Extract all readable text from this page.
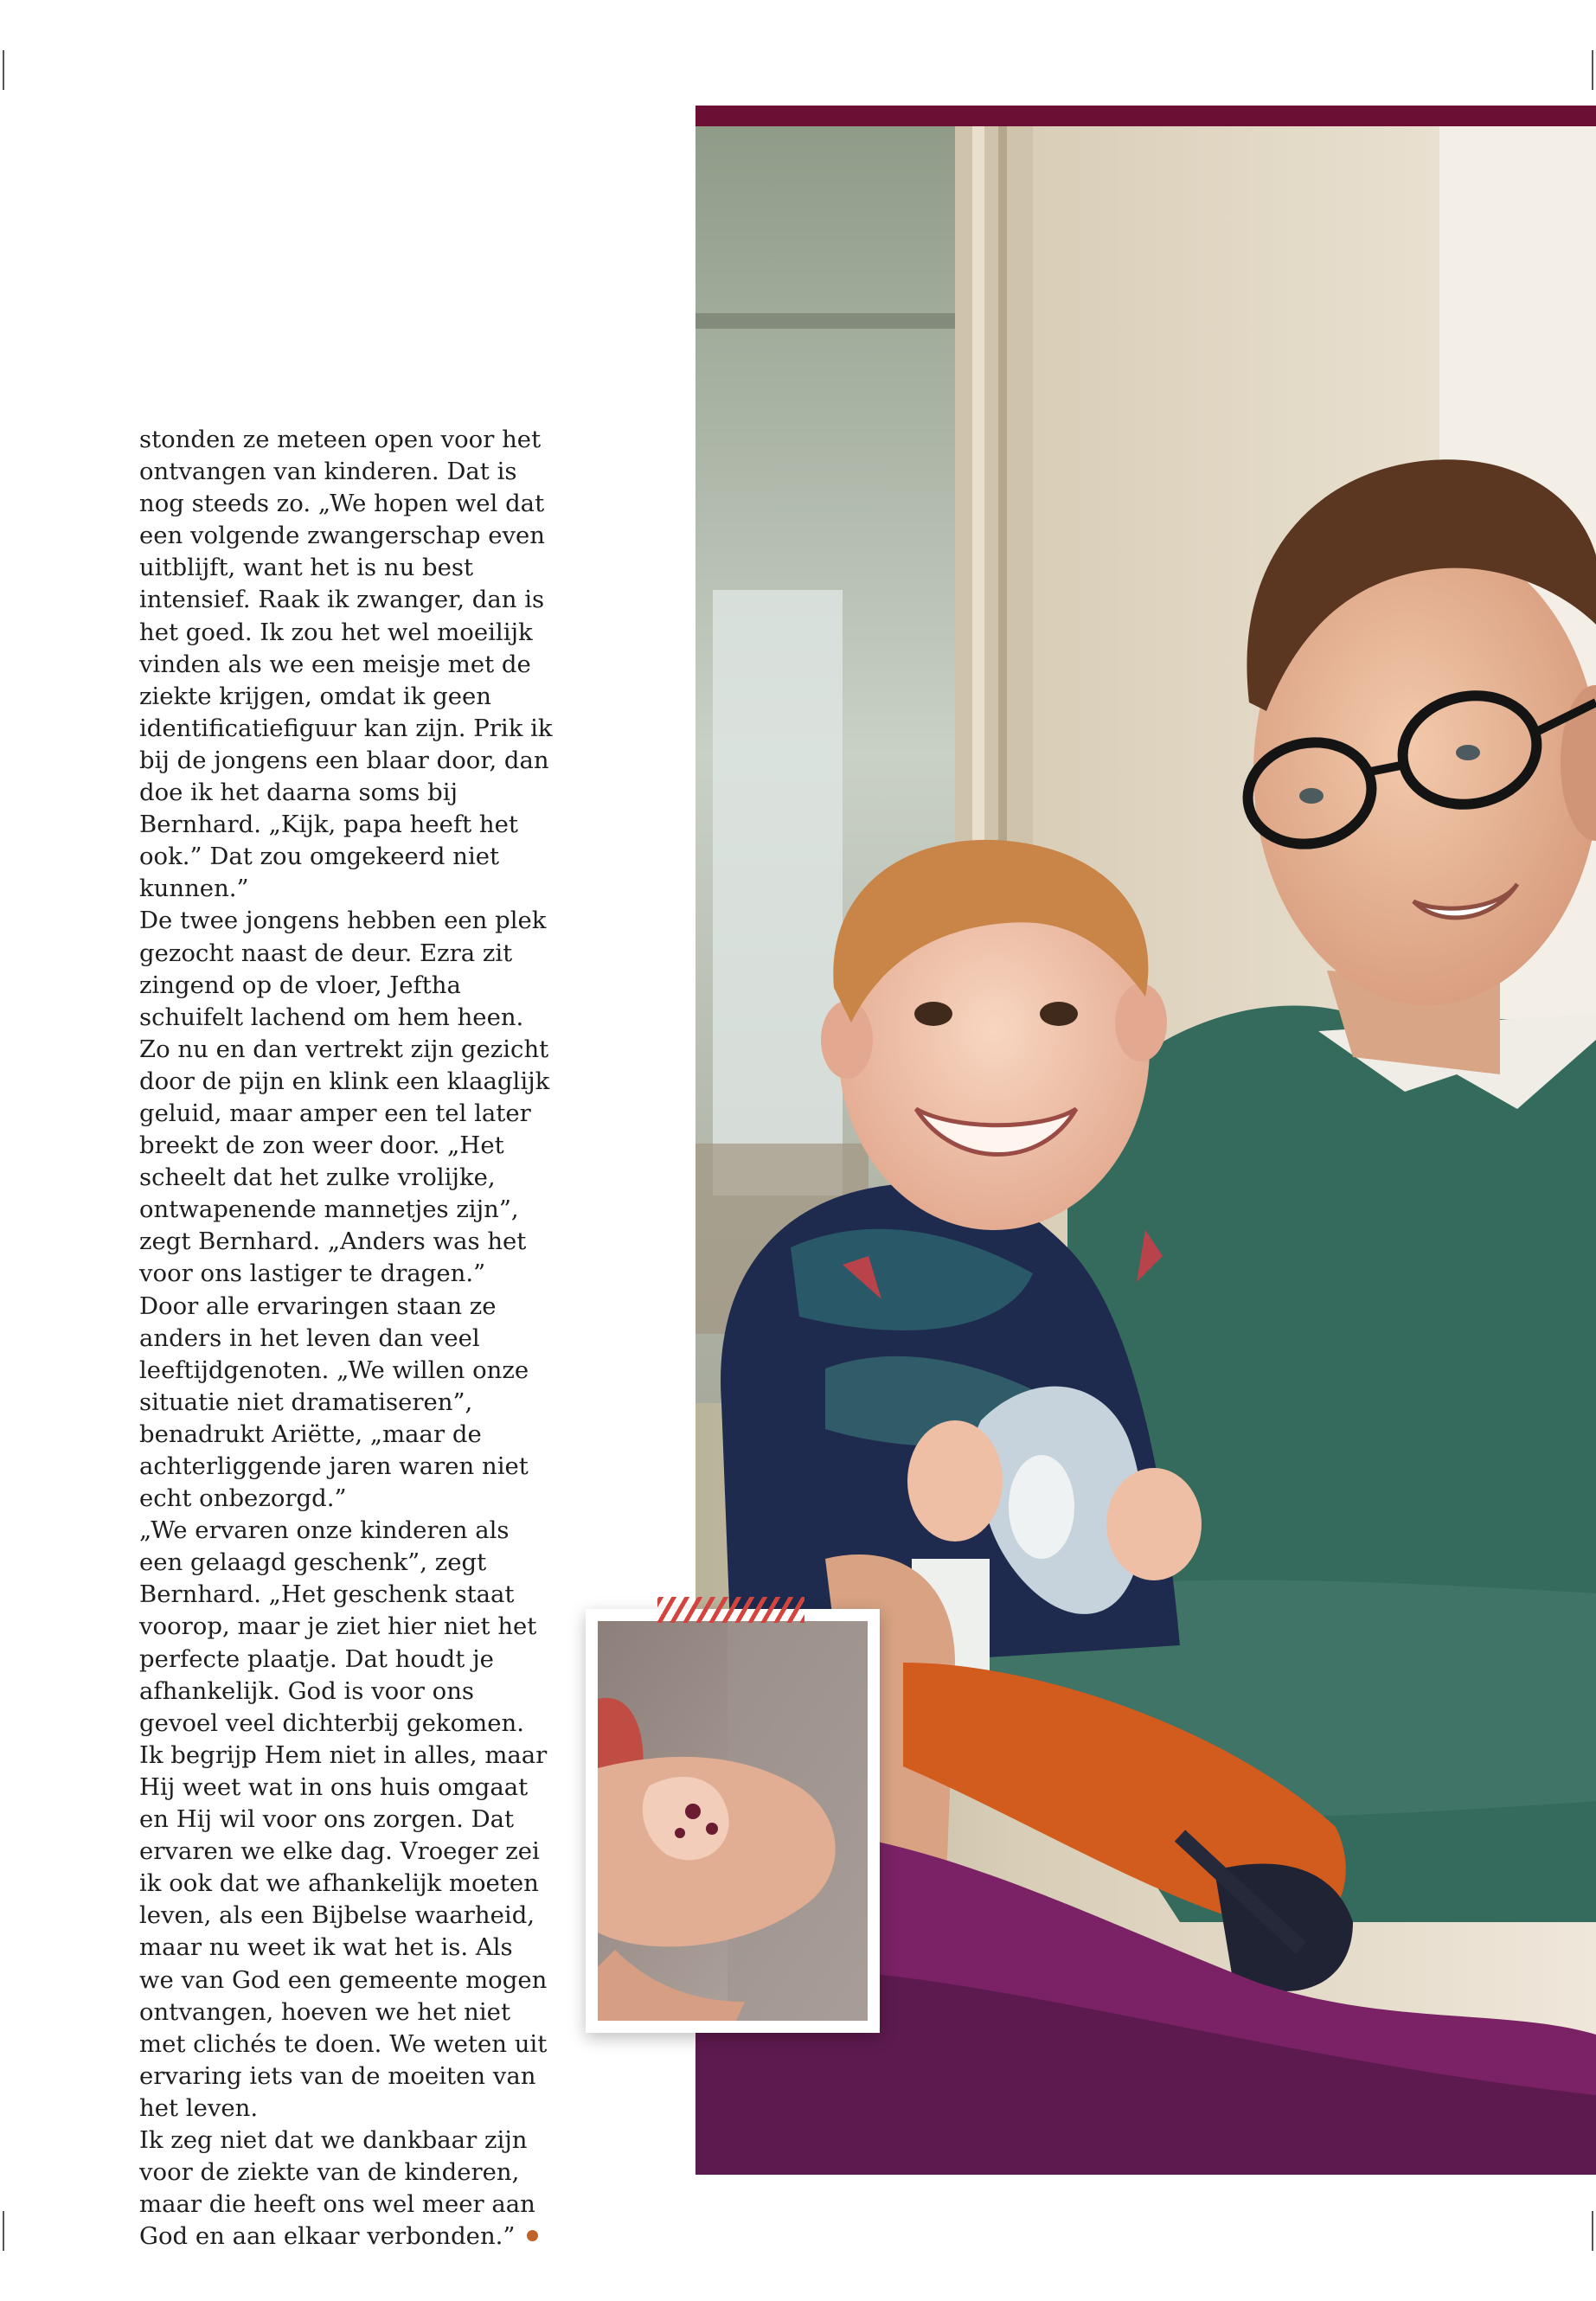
stonden ze meteen open voor het ontvangen van kinderen. Dat is nog steeds zo. „We hopen wel dat een volgende zwangerschap even uitblijft, want het is nu best intensief. Raak ik zwanger, dan is het goed. Ik zou het wel moeilijk vinden als we een meisje met de ziekte krijgen, omdat ik geen identificatiefiguur kan zijn. Prik ik bij de jongens een blaar door, dan doe ik het daarna soms bij Bernhard. „Kijk, papa heeft het ook.” Dat zou omgekeerd niet kunnen.”

De twee jongens hebben een plek gezocht naast de deur. Ezra zit zingend op de vloer, Jeftha schuifelt lachend om hem heen. Zo nu en dan vertrekt zijn gezicht door de pijn en klink een klaaglijk geluid, maar amper een tel later breekt de zon weer door. „Het scheelt dat het zulke vrolijke, ontwapenende mannetjes zijn”, zegt Bernhard. „Anders was het voor ons lastiger te dragen.”

Door alle ervaringen staan ze anders in het leven dan veel leeftijdgenoten. „We willen onze situatie niet dramatiseren”, benadrukt Ariëtte, „maar de achterliggende jaren waren niet echt onbezorgd.”

„We ervaren onze kinderen als een gelaagd geschenk”, zegt Bernhard. „Het geschenk staat voorop, maar je ziet hier niet het perfecte plaatje. Dat houdt je afhankelijk. God is voor ons gevoel veel dichterbij gekomen. Ik begrijp Hem niet in alles, maar Hij weet wat in ons huis omgaat en Hij wil voor ons zorgen. Dat ervaren we elke dag. Vroeger zei ik ook dat we afhankelijk moeten leven, als een Bijbelse waarheid, maar nu weet ik wat het is. Als we van God een gemeente mogen ontvangen, hoeven we het niet met clichés te doen. We weten uit ervaring iets van de moeiten van het leven.

Ik zeg niet dat we dankbaar zijn voor de ziekte van de kinderen, maar die heeft ons wel meer aan God en aan elkaar verbonden.”
